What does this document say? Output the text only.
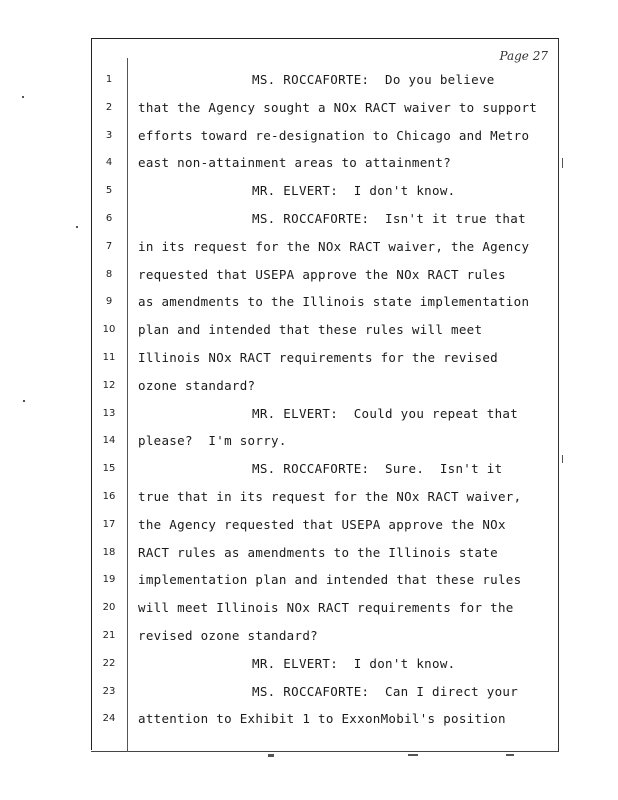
Page 27
1	MS. ROCCAFORTE:  Do you believe
2	that the Agency sought a NOx RACT waiver to support
3	efforts toward re-designation to Chicago and Metro
4	east non-attainment areas to attainment?
5	MR. ELVERT:  I don't know.
6	MS. ROCCAFORTE:  Isn't it true that
7	in its request for the NOx RACT waiver, the Agency
8	requested that USEPA approve the NOx RACT rules
9	as amendments to the Illinois state implementation
10	plan and intended that these rules will meet
11	Illinois NOx RACT requirements for the revised
12	ozone standard?
13	MR. ELVERT:  Could you repeat that
14	please?  I'm sorry.
15	MS. ROCCAFORTE:  Sure.  Isn't it
16	true that in its request for the NOx RACT waiver,
17	the Agency requested that USEPA approve the NOx
18	RACT rules as amendments to the Illinois state
19	implementation plan and intended that these rules
20	will meet Illinois NOx RACT requirements for the
21	revised ozone standard?
22	MR. ELVERT:  I don't know.
23	MS. ROCCAFORTE:  Can I direct your
24	attention to Exhibit 1 to ExxonMobil's position
